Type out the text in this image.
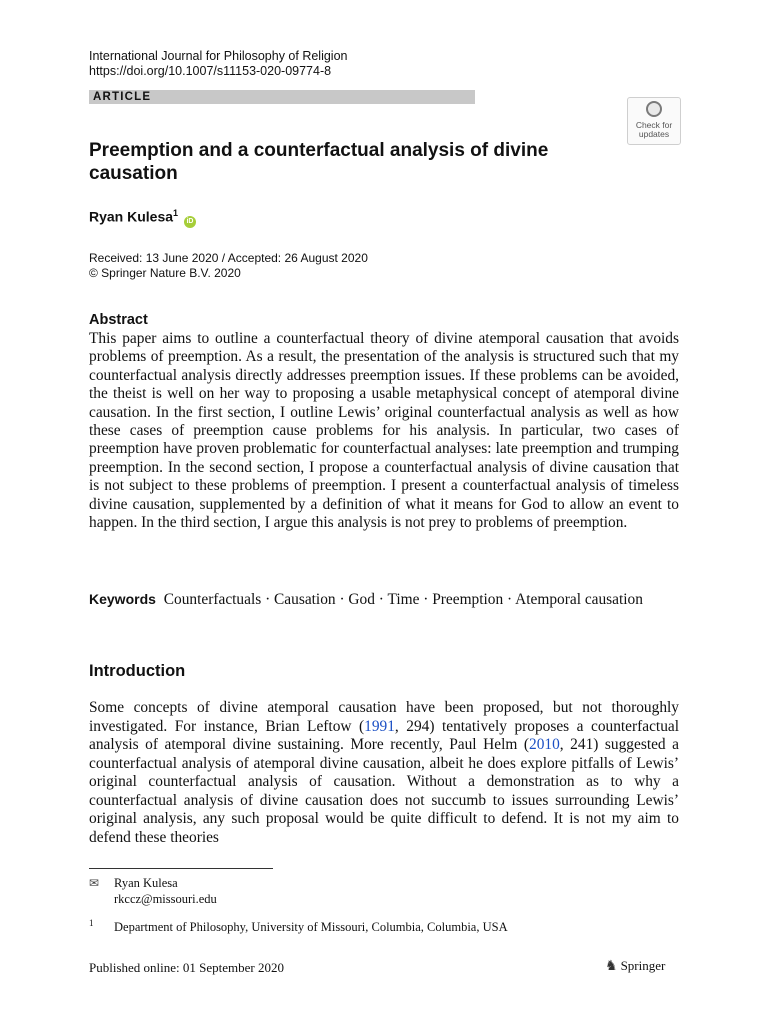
International Journal for Philosophy of Religion
https://doi.org/10.1007/s11153-020-09774-8
ARTICLE
Check for
updates
Preemption and a counterfactual analysis of divine causation
Ryan Kulesa$^1$ iD
Received: 13 June 2020 / Accepted: 26 August 2020
© Springer Nature B.V. 2020
Abstract
This paper aims to outline a counterfactual theory of divine atemporal causation that avoids problems of preemption. As a result, the presentation of the analysis is structured such that my counterfactual analysis directly addresses preemption issues. If these problems can be avoided, the theist is well on her way to proposing a usable metaphysical concept of atemporal divine causation. In the first section, I outline Lewis’ original counterfactual analysis as well as how these cases of preemption cause problems for his analysis. In particular, two cases of preemption have proven problematic for counterfactual analyses: late preemption and trumping preemption. In the second section, I propose a counterfactual analysis of divine causation that is not subject to these problems of preemption. I present a counterfactual analysis of timeless divine causation, supplemented by a definition of what it means for God to allow an event to happen. In the third section, I argue this analysis is not prey to problems of preemption.
Keywords Counterfactuals · Causation · God · Time · Preemption · Atemporal causation
Introduction
Some concepts of divine atemporal causation have been proposed, but not thoroughly investigated. For instance, Brian Leftow (1991, 294) tentatively proposes a counterfactual analysis of atemporal divine sustaining. More recently, Paul Helm (2010, 241) suggested a counterfactual analysis of atemporal divine causation, albeit he does explore pitfalls of Lewis’ original counterfactual analysis of causation. Without a demonstration as to why a counterfactual analysis of divine causation does not succumb to issues surrounding Lewis’ original analysis, any such proposal would be quite difficult to defend. It is not my aim to defend these theories
✉ Ryan Kulesa
rkccz@missouri.edu
1 Department of Philosophy, University of Missouri, Columbia, Columbia, USA
Published online: 01 September 2020	♞ Springer
